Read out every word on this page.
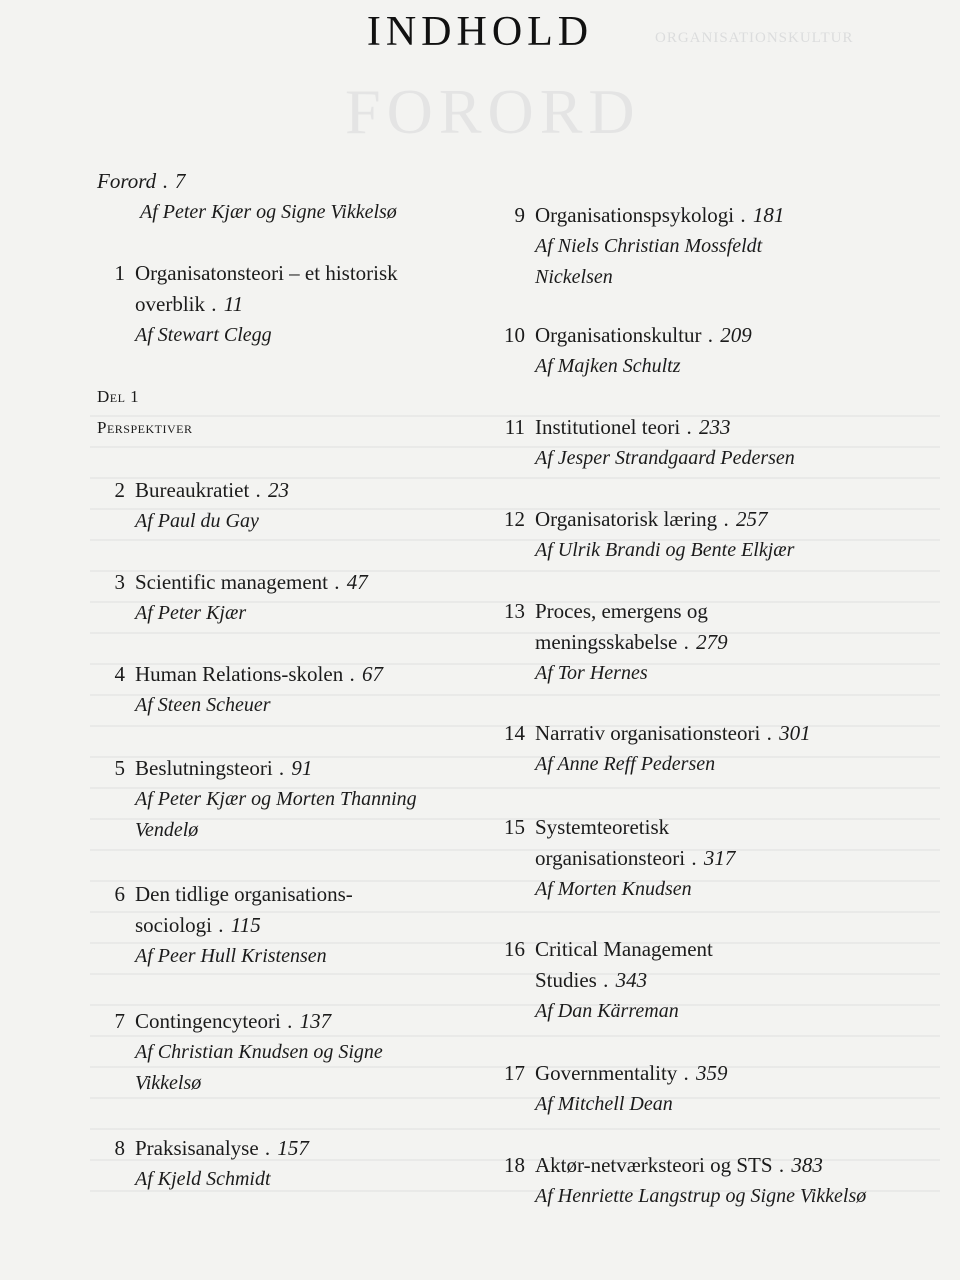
FORORD
ORGANISATIONSKULTUR
INDHOLD
Forord . 7
Af Peter Kjær og Signe Vikkelsø
Del 1
Perspektiver
1 Organisatonsteori – et historisk overblik . 11
Af Stewart Clegg
2 Bureaukratiet . 23
Af Paul du Gay
3 Scientific management . 47
Af Peter Kjær
4 Human Relations-skolen . 67
Af Steen Scheuer
5 Beslutningsteori . 91
Af Peter Kjær og Morten Thanning Vendelø
6 Den tidlige organisations-sociologi . 115
Af Peer Hull Kristensen
7 Contingencyteori . 137
Af Christian Knudsen og Signe Vikkelsø
8 Praksisanalyse . 157
Af Kjeld Schmidt
9 Organisationspsykologi . 181
Af Niels Christian Mossfeldt Nickelsen
10 Organisationskultur . 209
Af Majken Schultz
11 Institutionel teori . 233
Af Jesper Strandgaard Pedersen
12 Organisatorisk læring . 257
Af Ulrik Brandi og Bente Elkjær
13 Proces, emergens og meningsskabelse . 279
Af Tor Hernes
14 Narrativ organisationsteori . 301
Af Anne Reff Pedersen
15 Systemteoretisk organisationsteori . 317
Af Morten Knudsen
16 Critical Management Studies . 343
Af Dan Kärreman
17 Governmentality . 359
Af Mitchell Dean
18 Aktør-netværksteori og STS . 383
Af Henriette Langstrup og Signe Vikkelsø
